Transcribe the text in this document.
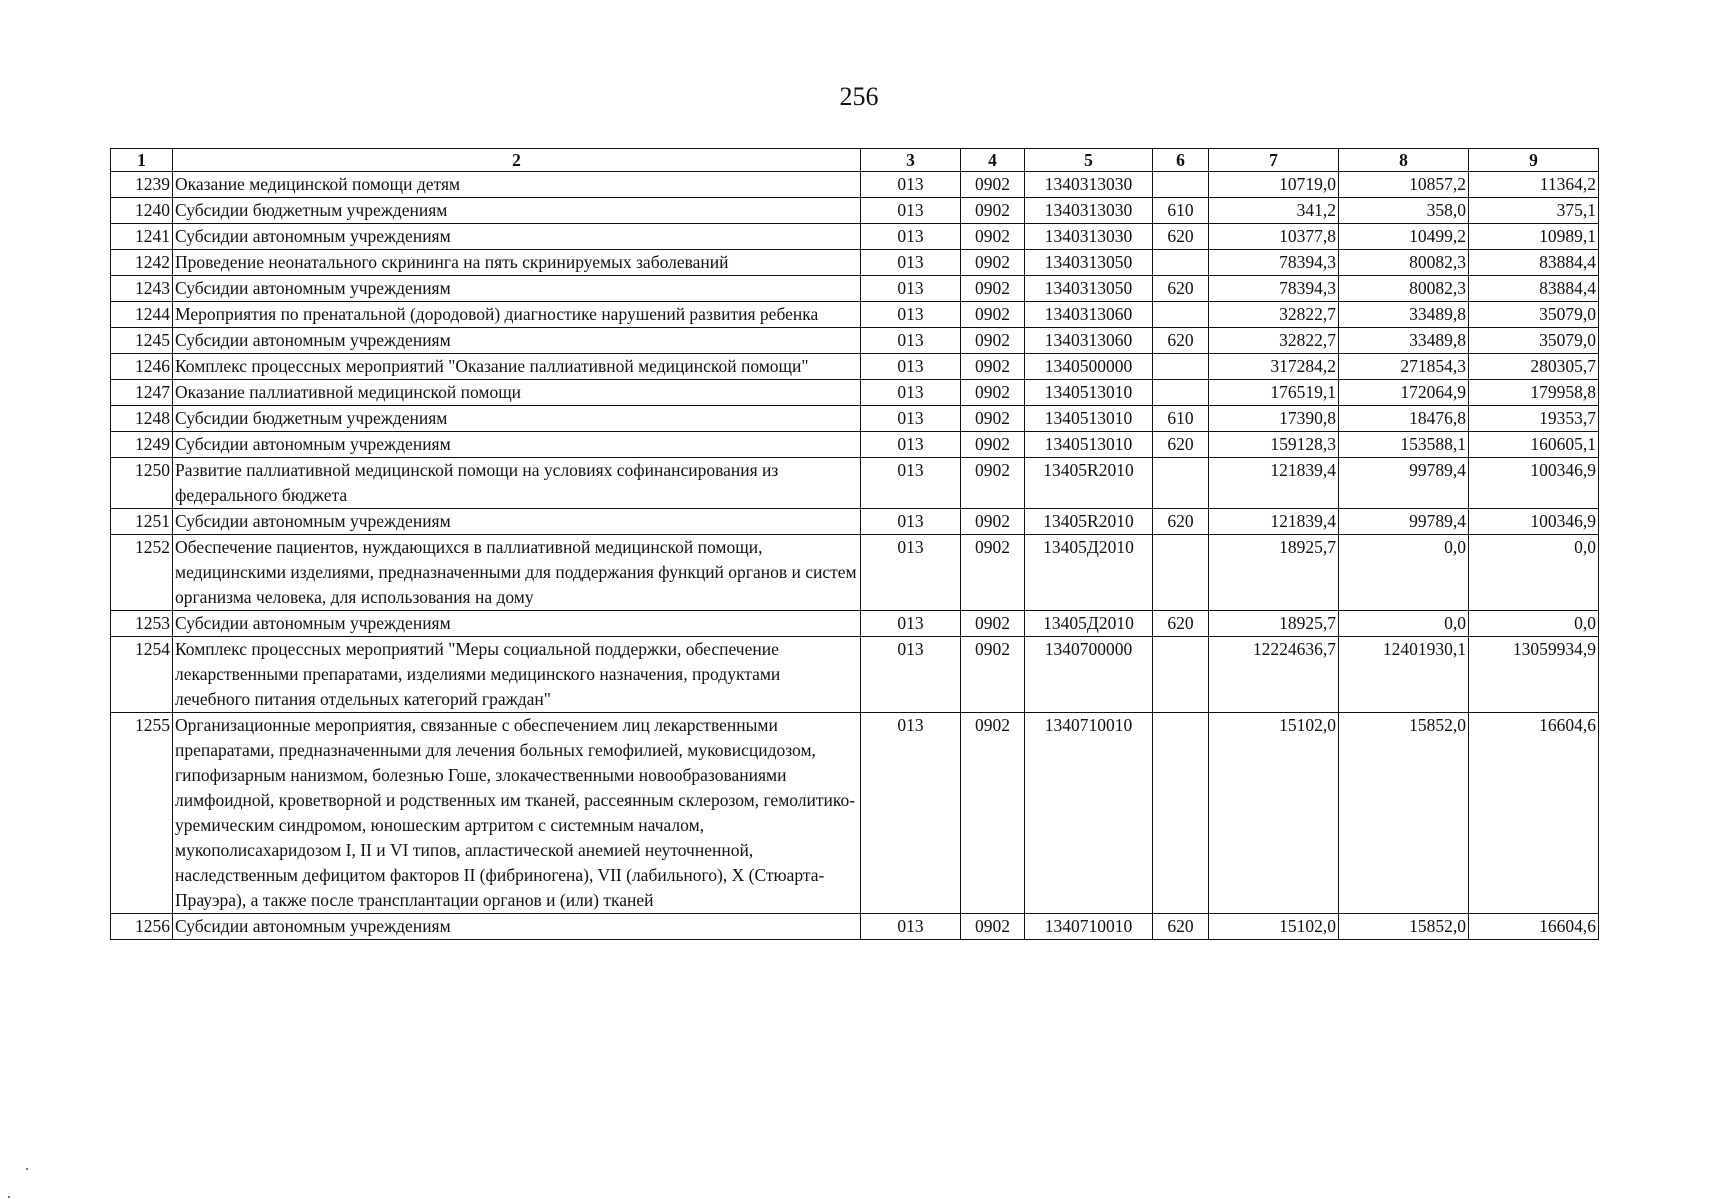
256
1	2	3	4	5	6	7	8	9
1239	Оказание медицинской помощи детям	013	0902	1340313030		10719,0	10857,2	11364,2
1240	Субсидии бюджетным учреждениям	013	0902	1340313030	610	341,2	358,0	375,1
1241	Субсидии автономным учреждениям	013	0902	1340313030	620	10377,8	10499,2	10989,1
1242	Проведение неонатального скрининга на пять скринируемых заболеваний	013	0902	1340313050		78394,3	80082,3	83884,4
1243	Субсидии автономным учреждениям	013	0902	1340313050	620	78394,3	80082,3	83884,4
1244	Мероприятия по пренатальной (дородовой) диагностике нарушений развития ребенка	013	0902	1340313060		32822,7	33489,8	35079,0
1245	Субсидии автономным учреждениям	013	0902	1340313060	620	32822,7	33489,8	35079,0
1246	Комплекс процессных мероприятий "Оказание паллиативной медицинской помощи"	013	0902	1340500000		317284,2	271854,3	280305,7
1247	Оказание паллиативной медицинской помощи	013	0902	1340513010		176519,1	172064,9	179958,8
1248	Субсидии бюджетным учреждениям	013	0902	1340513010	610	17390,8	18476,8	19353,7
1249	Субсидии автономным учреждениям	013	0902	1340513010	620	159128,3	153588,1	160605,1
1250	Развитие паллиативной медицинской помощи на условиях софинансирования из федерального бюджета	013	0902	13405R2010		121839,4	99789,4	100346,9
1251	Субсидии автономным учреждениям	013	0902	13405R2010	620	121839,4	99789,4	100346,9
1252	Обеспечение пациентов, нуждающихся в паллиативной медицинской помощи, медицинскими изделиями, предназначенными для поддержания функций органов и систем организма человека, для использования на дому	013	0902	13405Д2010		18925,7	0,0	0,0
1253	Субсидии автономным учреждениям	013	0902	13405Д2010	620	18925,7	0,0	0,0
1254	Комплекс процессных мероприятий "Меры социальной поддержки, обеспечение лекарственными препаратами, изделиями медицинского назначения, продуктами лечебного питания отдельных категорий граждан"	013	0902	1340700000		12224636,7	12401930,1	13059934,9
1255	Организационные мероприятия, связанные с обеспечением лиц лекарственными препаратами, предназначенными для лечения больных гемофилией, муковисцидозом, гипофизарным нанизмом, болезнью Гоше, злокачественными новообразованиями лимфоидной, кроветворной и родственных им тканей, рассеянным склерозом, гемолитико-уремическим синдромом, юношеским артритом с системным началом, мукополисахаридозом I, II и VI типов, апластической анемией неуточненной, наследственным дефицитом факторов II (фибриногена), VII (лабильного), X (Стюарта-Прауэра), а также после трансплантации органов и (или) тканей	013	0902	1340710010		15102,0	15852,0	16604,6
1256	Субсидии автономным учреждениям	013	0902	1340710010	620	15102,0	15852,0	16604,6
